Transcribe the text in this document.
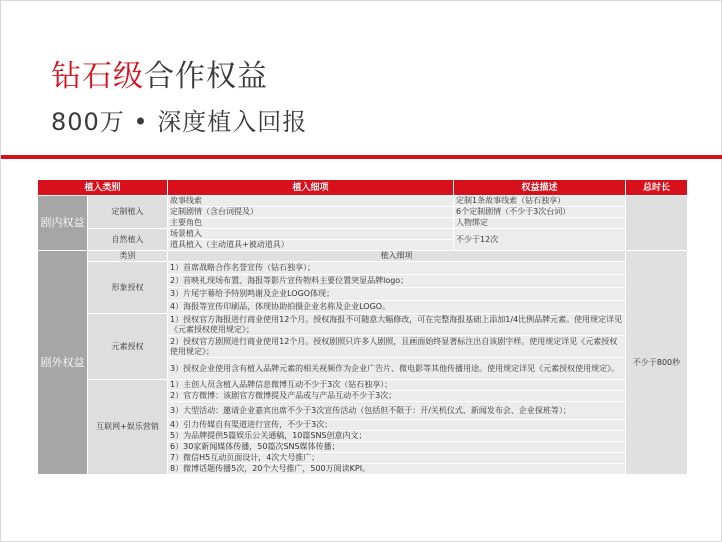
钻石级合作权益
800万 • 深度植入回报
植入类别		植入细项	权益描述	总时长
剧内权益	定制植入	故事线索	定制1条故事线索（钻石独享）	
		定制剧情（含台词提及）	6个定制剧情（不少于3次台词）	
		主要角色	人物绑定	
	自然植入	场景植入	不少于12次	
		道具植入（主动道具+被动道具）		
剧外权益	类别	植入细项		不少于800秒
	形象授权	1）首席战略合作名誉宣传（钻石独享）；		
		2）首映礼现场布置、海报等影片宣传物料主要位置突显品牌logo；		
		3）片尾字幕给予特别鸣谢及企业LOGO体现；		
		4）海报等宣传印刷品，体现协助拍摄企业名称及企业LOGO。		
	元素授权	1）授权官方海报进行商业使用12个月。授权海报不可随意大幅修改，可在完整海报基础上添加1/4比例品牌元素。使用规定详见《元素授权使用规定》；		
		2）授权官方剧照进行商业使用12个月。授权剧照只许多人剧照，且画面始终显著标注出自该剧字样。使用规定详见《元素授权使用规定》；		
		3）授权企业使用含有植入品牌元素的相关视频作为企业广告片、微电影等其他传播用途。使用规定详见《元素授权使用规定》。		
	互联网+娱乐营销	1）主创人员含植入品牌信息微博互动不少于3次（钻石独享）；		
		2）官方微博：该剧官方微博提及产品或与产品互动不少于3次；		
		3）大型活动：邀请企业嘉宾出席不少于3次宣传活动（包括但不限于：开/关机仪式、新闻发布会、企业探班等）；		
		4）引力传媒自有渠道进行宣传，不少于3次；		
		5）为品牌提供5篇娱乐公关通稿，10篇SNS创意内文；		
		6）30家新闻媒体传播，50篇次SNS媒体传播；		
		7）微信H5互动页面设计，4次大号推广；		
		8）微博话题传播5次，20个大号推广，500万阅读KPI。		
